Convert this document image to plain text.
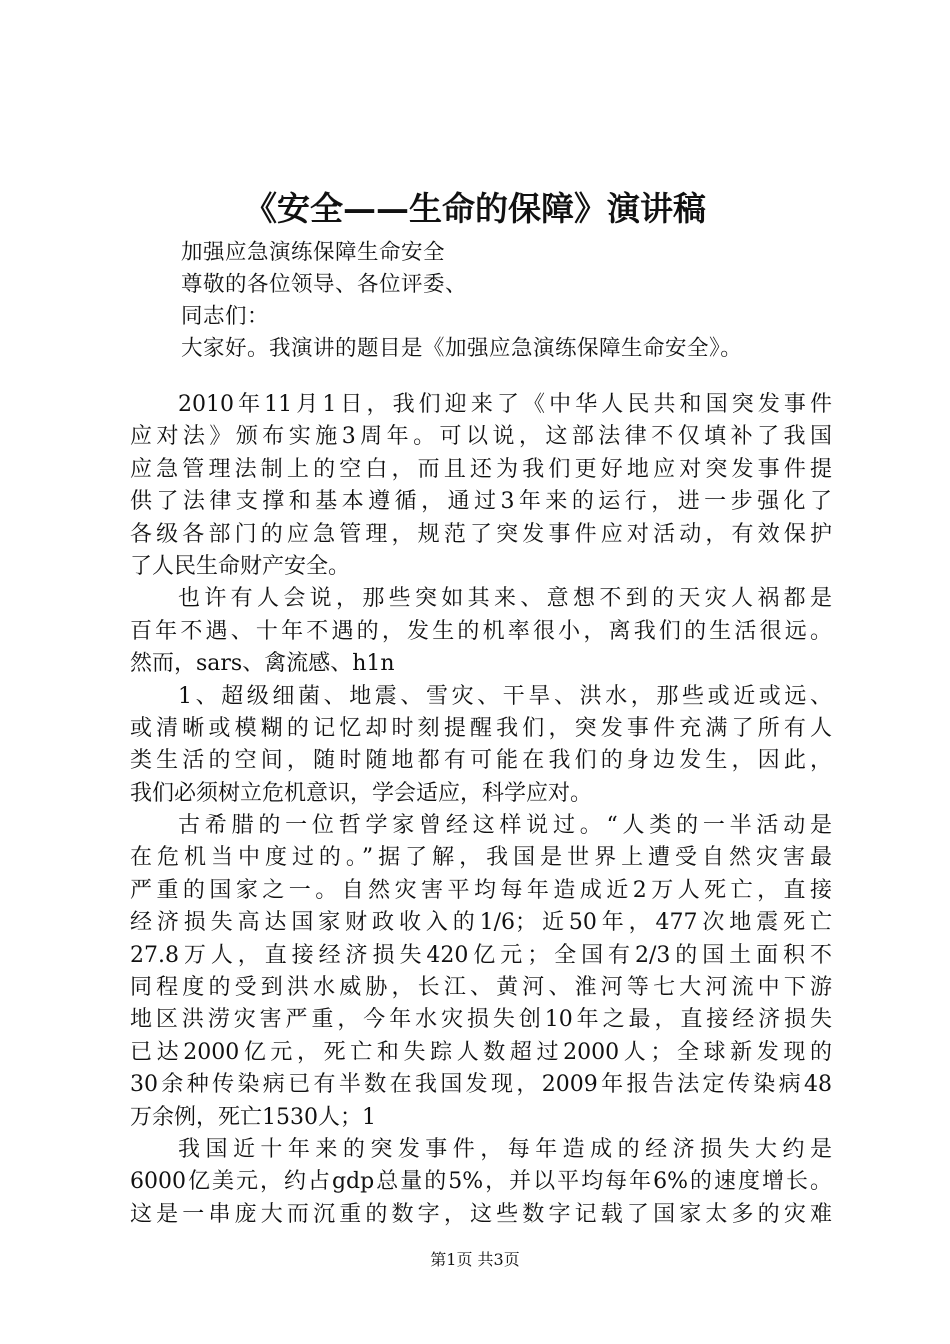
《安全——生命的保障》演讲稿
加强应急演练保障生命安全
尊敬的各位领导、各位评委、
同志们：
大家好。我演讲的题目是《加强应急演练保障生命安全》。
2010年11月1日，我们迎来了《中华人民共和国突发事件
应对法》颁布实施3周年。可以说，这部法律不仅填补了我国
应急管理法制上的空白，而且还为我们更好地应对突发事件提
供了法律支撑和基本遵循，通过3年来的运行，进一步强化了
各级各部门的应急管理，规范了突发事件应对活动，有效保护
了人民生命财产安全。
也许有人会说，那些突如其来、意想不到的天灾人祸都是
百年不遇、十年不遇的，发生的机率很小，离我们的生活很远。
然而，sars、禽流感、h1n
1、超级细菌、地震、雪灾、干旱、洪水，那些或近或远、
或清晰或模糊的记忆却时刻提醒我们，突发事件充满了所有人
类生活的空间，随时随地都有可能在我们的身边发生，因此，
我们必须树立危机意识，学会适应，科学应对。
古希腊的一位哲学家曾经这样说过。“人类的一半活动是
在危机当中度过的。”据了解，我国是世界上遭受自然灾害最
严重的国家之一。自然灾害平均每年造成近2万人死亡，直接
经济损失高达国家财政收入的1/6；近50年，477次地震死亡
27.8万人，直接经济损失420亿元；全国有2/3的国土面积不
同程度的受到洪水威胁，长江、黄河、淮河等七大河流中下游
地区洪涝灾害严重，今年水灾损失创10年之最，直接经济损失
已达2000亿元，死亡和失踪人数超过2000人；全球新发现的
30余种传染病已有半数在我国发现，2009年报告法定传染病48
万余例，死亡1530人；1
我国近十年来的突发事件，每年造成的经济损失大约是
6000亿美元，约占gdp总量的5%，并以平均每年6%的速度增长。
这是一串庞大而沉重的数字，这些数字记载了国家太多的灾难
第1页 共3页
